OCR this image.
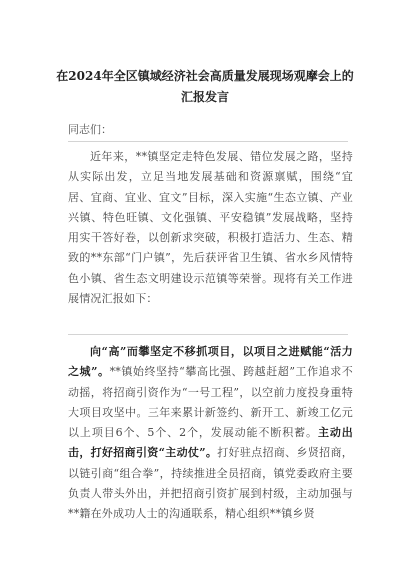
在2024年全区镇域经济社会高质量发展现场观摩会上的汇报发言
同志们：
近年来，**镇坚定走特色发展、错位发展之路，坚持从实际出发，立足当地发展基础和资源禀赋，围绕“宜居、宜商、宜业、宜文”目标，深入实施“生态立镇、产业兴镇、特色旺镇、文化强镇、平安稳镇”发展战略，坚持用实干答好卷，以创新求突破，积极打造活力、生态、精致的**东部“门户镇”，先后获评省卫生镇、省水乡风情特色小镇、省生态文明建设示范镇等荣誉。现将有关工作进展情况汇报如下：
向“高”而攀坚定不移抓项目，以项目之进赋能“活力之城”。**镇始终坚持“攀高比强、跨越赶超”工作追求不动摇，将招商引资作为“一号工程”，以空前力度投身重特大项目攻坚中。三年来累计新签约、新开工、新竣工亿元以上项目6个、5个、2个，发展动能不断积蓄。主动出击，打好招商引资“主动仗”。打好驻点招商、乡贤招商，以链引商“组合拳”，持续推进全员招商，镇党委政府主要负责人带头外出，并把招商引资扩展到村级，主动加强与**籍在外成功人士的沟通联系，精心组织**镇乡贤
